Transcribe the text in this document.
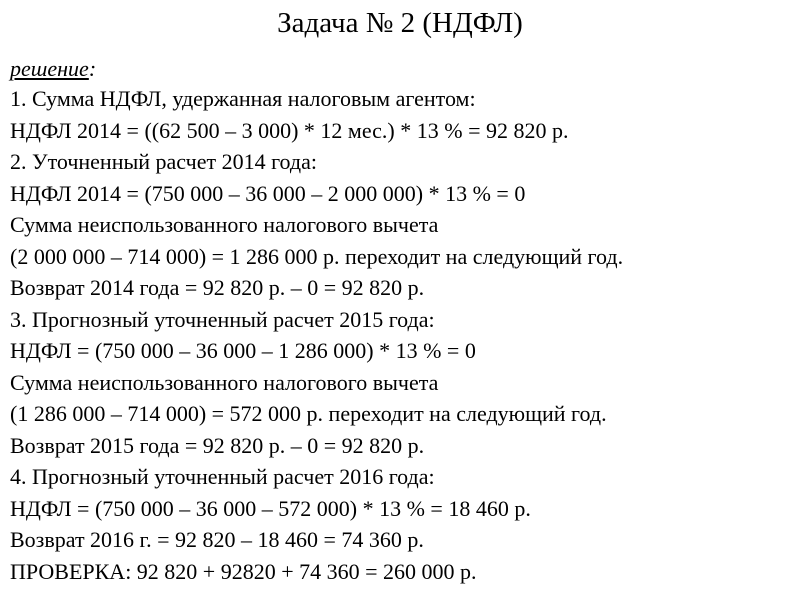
Задача № 2 (НДФЛ)
решение:
1. Сумма НДФЛ, удержанная налоговым агентом:
НДФЛ 2014 = ((62 500 – 3 000) * 12 мес.) * 13 % = 92 820 р.
2. Уточненный расчет 2014 года:
НДФЛ 2014 = (750 000 – 36 000 – 2 000 000) * 13 % = 0
Сумма неиспользованного налогового вычета
(2 000 000 – 714 000) = 1 286 000 р. переходит на следующий год.
Возврат 2014 года = 92 820 р. – 0 = 92 820 р.
3. Прогнозный уточненный расчет 2015 года:
НДФЛ = (750 000 – 36 000 – 1 286 000) * 13 % = 0
Сумма неиспользованного налогового вычета
(1 286 000 – 714 000) = 572 000 р. переходит на следующий год.
Возврат 2015 года = 92 820 р. – 0 = 92 820 р.
4. Прогнозный уточненный расчет 2016 года:
НДФЛ = (750 000 – 36 000 – 572 000) * 13 % = 18 460 р.
Возврат 2016 г. = 92 820 – 18 460 = 74 360 р.
ПРОВЕРКА: 92 820 + 92820 + 74 360 = 260 000 р.
